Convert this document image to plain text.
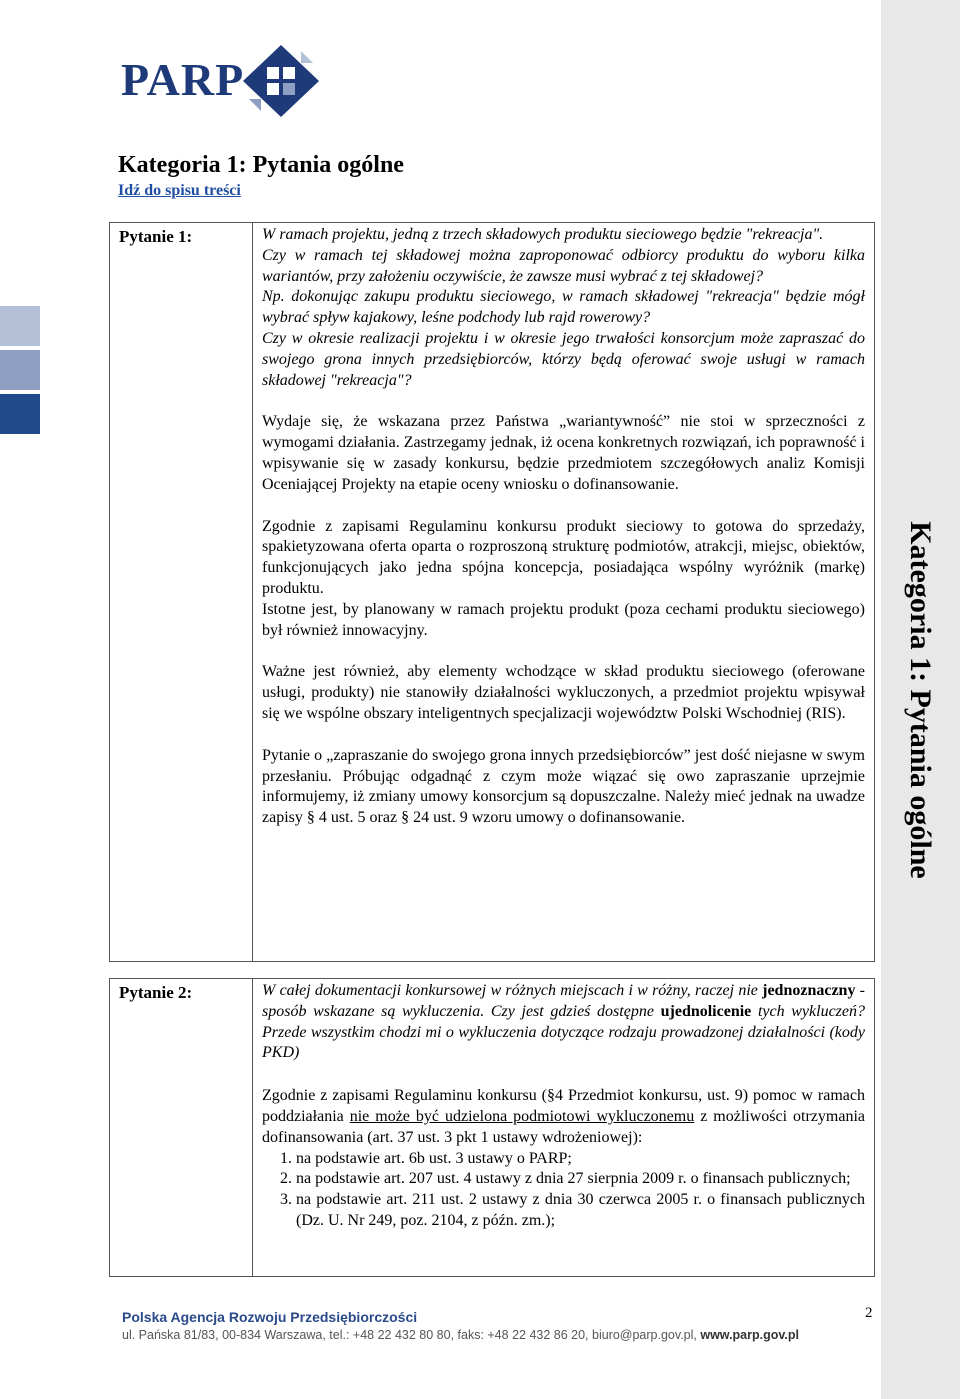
Kategoria 1: Pytania ogólne
PARP
Kategoria 1: Pytania ogólne
Idź do spisu treści
Pytanie 1:	W ramach projektu, jedną z trzech składowych produktu sieciowego będzie "rekreacja".

Czy w ramach tej składowej można zaproponować odbiorcy produktu do wyboru kilka wariantów, przy założeniu oczywiście, że zawsze musi wybrać z tej składowej?

Np. dokonując zakupu produktu sieciowego, w ramach składowej "rekreacja" będzie mógł wybrać spływ kajakowy, leśne podchody lub rajd rowerowy?

Czy w okresie realizacji projektu i w okresie jego trwałości konsorcjum może zapraszać do swojego grona innych przedsiębiorców, którzy będą oferować swoje usługi w ramach składowej "rekreacja"?

Wydaje się, że wskazana przez Państwa „wariantywność” nie stoi w sprzeczności z wymogami działania. Zastrzegamy jednak, iż ocena konkretnych rozwiązań, ich poprawność i wpisywanie się w zasady konkursu, będzie przedmiotem szczegółowych analiz Komisji Oceniającej Projekty na etapie oceny wniosku o dofinansowanie.

Zgodnie z zapisami Regulaminu konkursu produkt sieciowy to gotowa do sprzedaży, spakietyzowana oferta oparta o rozproszoną strukturę podmiotów, atrakcji, miejsc, obiektów, funkcjonujących jako jedna spójna koncepcja, posiadająca wspólny wyróżnik (markę) produktu.

Istotne jest, by planowany w ramach projektu produkt (poza cechami produktu sieciowego) był również innowacyjny.

Ważne jest również, aby elementy wchodzące w skład produktu sieciowego (oferowane usługi, produkty) nie stanowiły działalności wykluczonych, a przedmiot projektu wpisywał się we wspólne obszary inteligentnych specjalizacji województw Polski Wschodniej (RIS).

Pytanie o „zapraszanie do swojego grona innych przedsiębiorców” jest dość niejasne w swym przesłaniu. Próbując odgadnąć z czym może wiązać się owo zapraszanie uprzejmie informujemy, iż zmiany umowy konsorcjum są dopuszczalne. Należy mieć jednak na uwadze zapisy § 4 ust. 5 oraz § 24 ust. 9 wzoru umowy o dofinansowanie.

Pytanie 2:	W całej dokumentacji konkursowej w różnych miejscach i w różny, raczej nie jednoznaczny - sposób wskazane są wykluczenia. Czy jest gdzieś dostępne ujednolicenie tych wykluczeń? Przede wszystkim chodzi mi o wykluczenia dotyczące rodzaju prowadzonej działalności (kody PKD)

Zgodnie z zapisami Regulaminu konkursu (§4 Przedmiot konkursu, ust. 9) pomoc w ramach poddziałania nie może być udzielona podmiotowi wykluczonemu z możliwości otrzymania dofinansowania (art. 37 ust. 3 pkt 1 ustawy wdrożeniowej):

1. na podstawie art. 6b ust. 3 ustawy o PARP;
2. na podstawie art. 207 ust. 4 ustawy z dnia 27 sierpnia 2009 r. o finansach publicznych;
3. na podstawie art. 211 ust. 2 ustawy z dnia 30 czerwca 2005 r. o finansach publicznych (Dz. U. Nr 249, poz. 2104, z późn. zm.);
Polska Agencja Rozwoju Przedsiębiorczości
ul. Pańska 81/83, 00-834 Warszawa, tel.: +48 22 432 80 80, faks: +48 22 432 86 20, biuro@parp.gov.pl, www.parp.gov.pl
2
